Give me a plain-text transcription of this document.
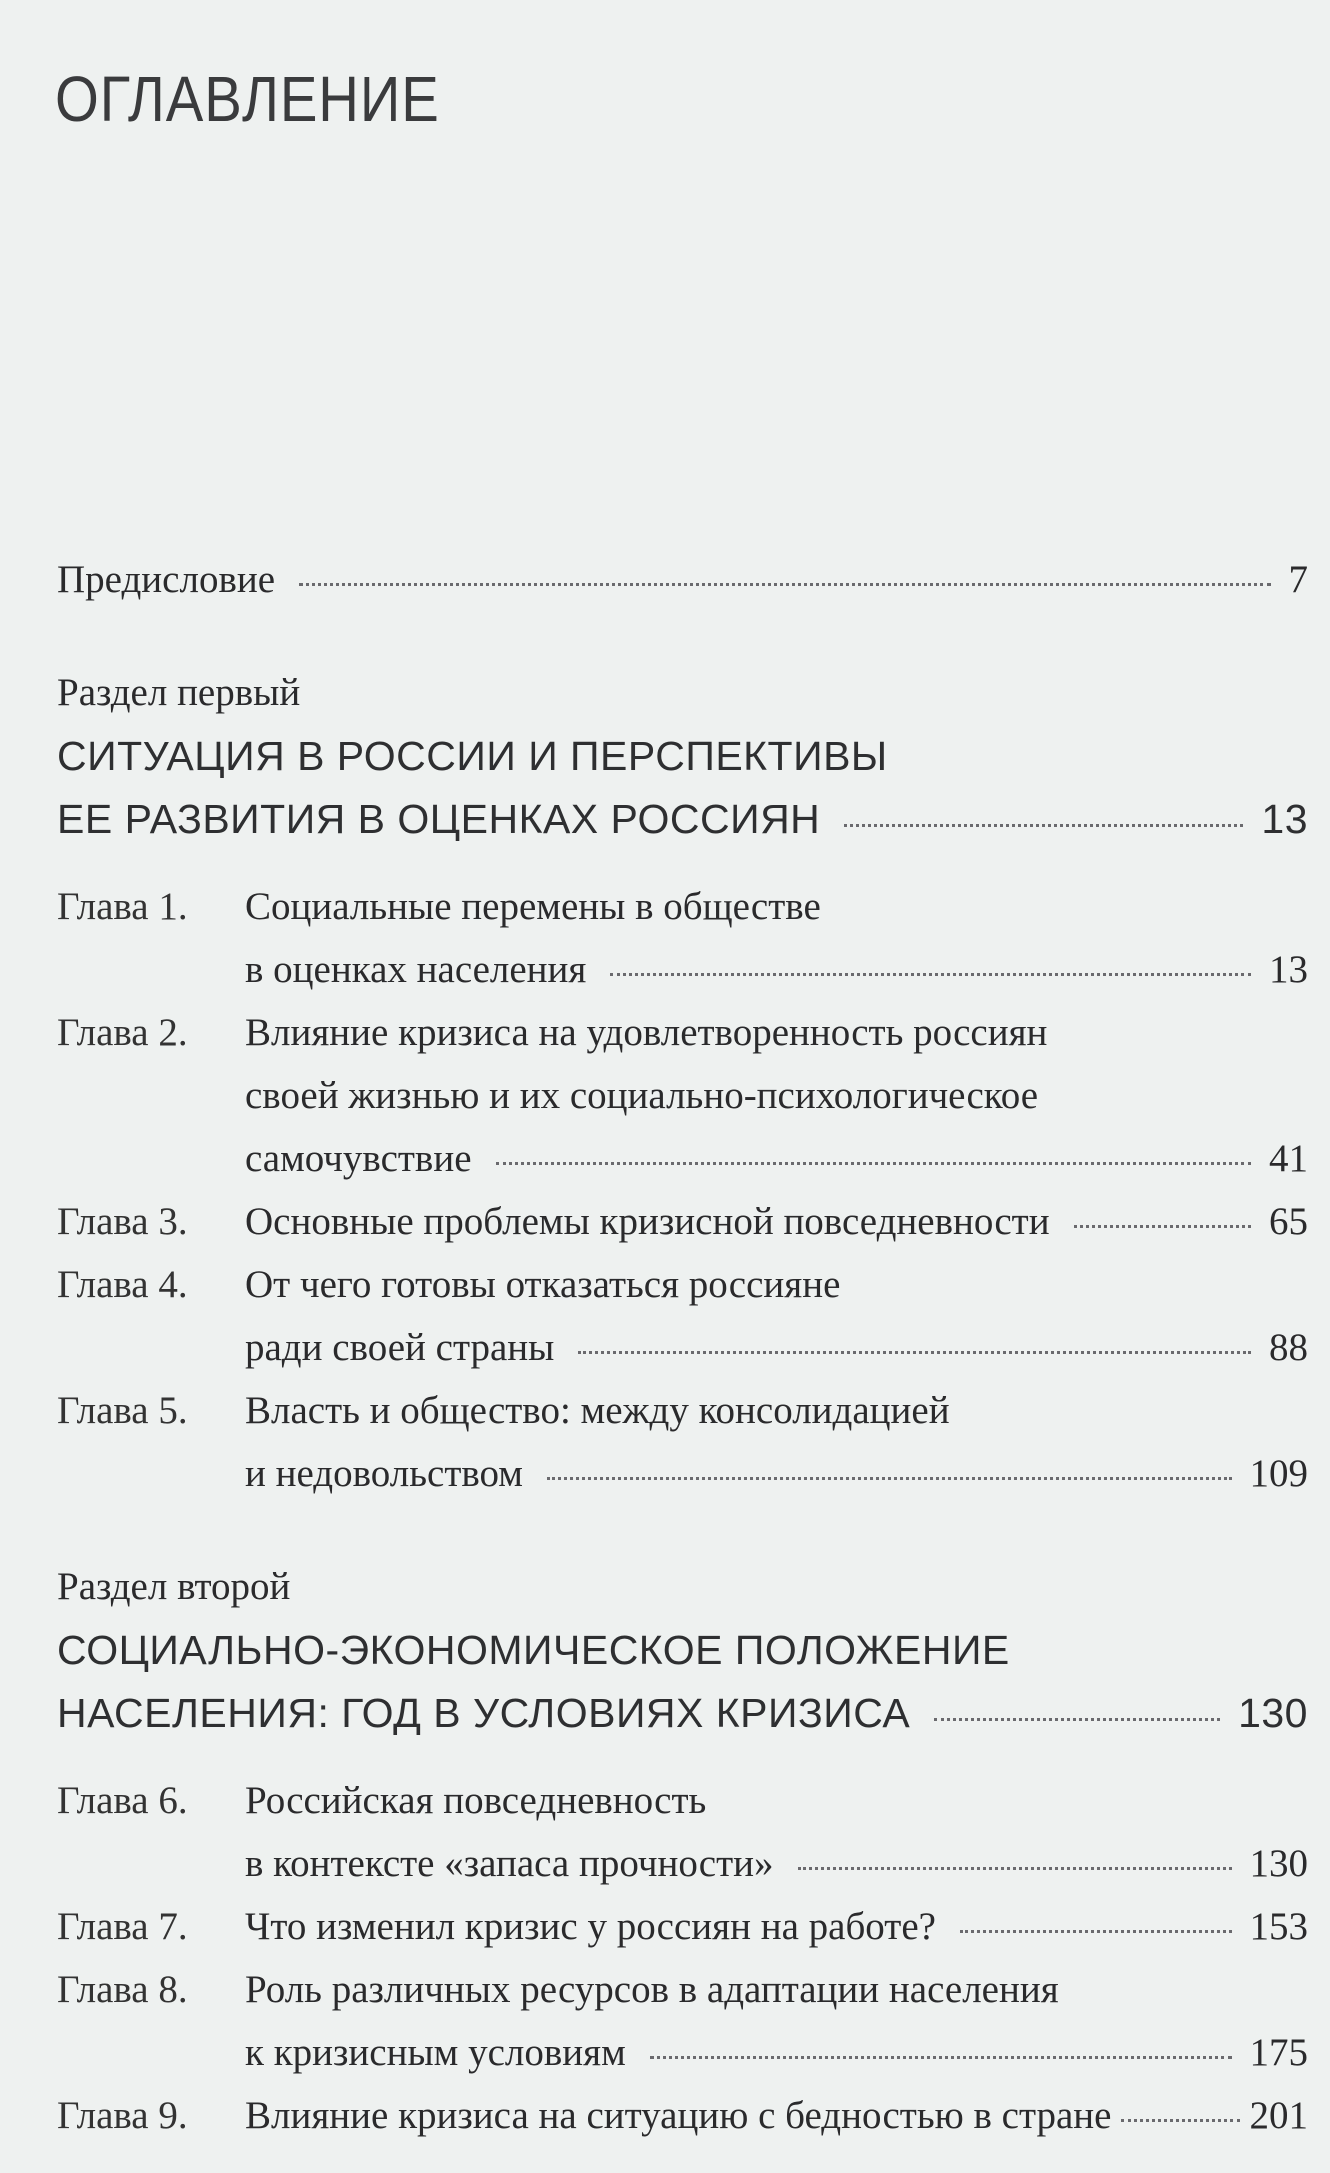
ОГЛАВЛЕНИЕ
Предисловие	7
Раздел первый
СИТУАЦИЯ В РОССИИ И ПЕРСПЕКТИВЫ
ЕЕ РАЗВИТИЯ В ОЦЕНКАХ РОССИЯН	13
Глава 1.	Социальные перемены в обществе
в оценках населения	13
Глава 2.	Влияние кризиса на удовлетворенность россиян
своей жизнью и их социально-психологическое
самочувствие	41
Глава 3.	Основные проблемы кризисной повседневности	65
Глава 4.	От чего готовы отказаться россияне
ради своей страны	88
Глава 5.	Власть и общество: между консолидацией
и недовольством	109
Раздел второй
СОЦИАЛЬНО-ЭКОНОМИЧЕСКОЕ ПОЛОЖЕНИЕ
НАСЕЛЕНИЯ: ГОД В УСЛОВИЯХ КРИЗИСА	130
Глава 6.	Российская повседневность
в контексте «запаса прочности»	130
Глава 7.	Что изменил кризис у россиян на работе?	153
Глава 8.	Роль различных ресурсов в адаптации населения
к кризисным условиям	175
Глава 9.	Влияние кризиса на ситуацию с бедностью в стране	201
